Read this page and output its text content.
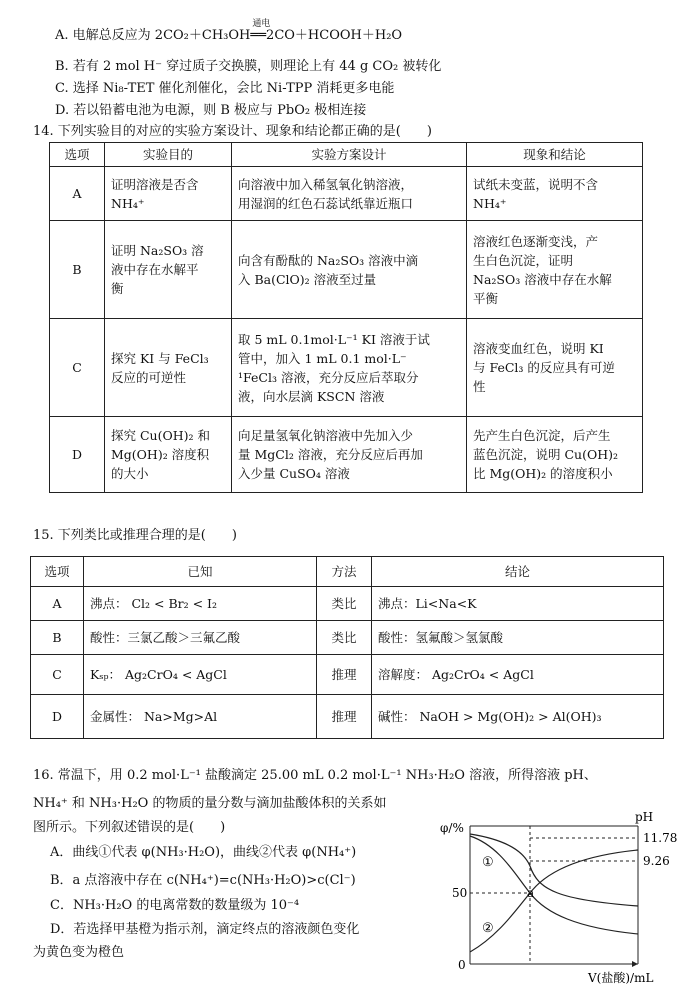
A. 电解总反应为 2CO₂＋CH₃OH
通电
══2CO＋HCOOH＋H₂O
B. 若有 2 mol H⁻ 穿过质子交换膜，则理论上有 44 g CO₂ 被转化
C. 选择 Ni₈-TET 催化剂催化，会比 Ni-TPP 消耗更多电能
D. 若以铅蓄电池为电源，则 B 极应与 PbO₂ 极相连接
14. 下列实验目的对应的实验方案设计、现象和结论都正确的是(　　)
选项	实验目的	实验方案设计	现象和结论
A	证明溶液是否含
NH₄⁺	向溶液中加入稀氢氧化钠溶液，
用湿润的红色石蕊试纸靠近瓶口	试纸未变蓝，说明不含
NH₄⁺
B	证明 Na₂SO₃ 溶
液中存在水解平
衡	向含有酚酞的 Na₂SO₃ 溶液中滴
入 Ba(ClO)₂ 溶液至过量	溶液红色逐渐变浅，产
生白色沉淀，证明
Na₂SO₃ 溶液中存在水解
平衡
C	探究 KI 与 FeCl₃
反应的可逆性	取 5 mL 0.1mol·L⁻¹ KI 溶液于试
管中，加入 1 mL 0.1 mol·L⁻
¹FeCl₃ 溶液，充分反应后萃取分
液，向水层滴 KSCN 溶液	溶液变血红色，说明 KI
与 FeCl₃ 的反应具有可逆
性
D	探究 Cu(OH)₂ 和
Mg(OH)₂ 溶度积
的大小	向足量氢氧化钠溶液中先加入少
量 MgCl₂ 溶液，充分反应后再加
入少量 CuSO₄ 溶液	先产生白色沉淀，后产生
蓝色沉淀，说明 Cu(OH)₂
比 Mg(OH)₂ 的溶度积小
15. 下列类比或推理合理的是(　　)
选项	已知	方法	结论
A	沸点： Cl₂ < Br₂ < I₂	类比	沸点：Li<Na<K
B	酸性：三氯乙酸＞三氟乙酸	类比	酸性：氢氟酸＞氢氯酸
C	Kₛₚ： Ag₂CrO₄ < AgCl	推理	溶解度： Ag₂CrO₄ < AgCl
D	金属性： Na>Mg>Al	推理	碱性： NaOH > Mg(OH)₂ > Al(OH)₃
16. 常温下，用 0.2 mol·L⁻¹ 盐酸滴定 25.00 mL 0.2 mol·L⁻¹ NH₃·H₂O 溶液，所得溶液 pH、
NH₄⁺ 和 NH₃·H₂O 的物质的量分数与滴加盐酸体积的关系如
图所示。下列叙述错误的是(　　)
A．曲线①代表 φ(NH₃·H₂O)，曲线②代表 φ(NH₄⁺)
B．a 点溶液中存在 c(NH₄⁺)=c(NH₃·H₂O)>c(Cl⁻)
C．NH₃·H₂O 的电离常数的数量级为 10⁻⁴
D．若选择甲基橙为指示剂，滴定终点的溶液颜色变化
为黄色变为橙色
φ/%
pH
50
0
11.78
9.26
①
②
a
V(盐酸)/mL
